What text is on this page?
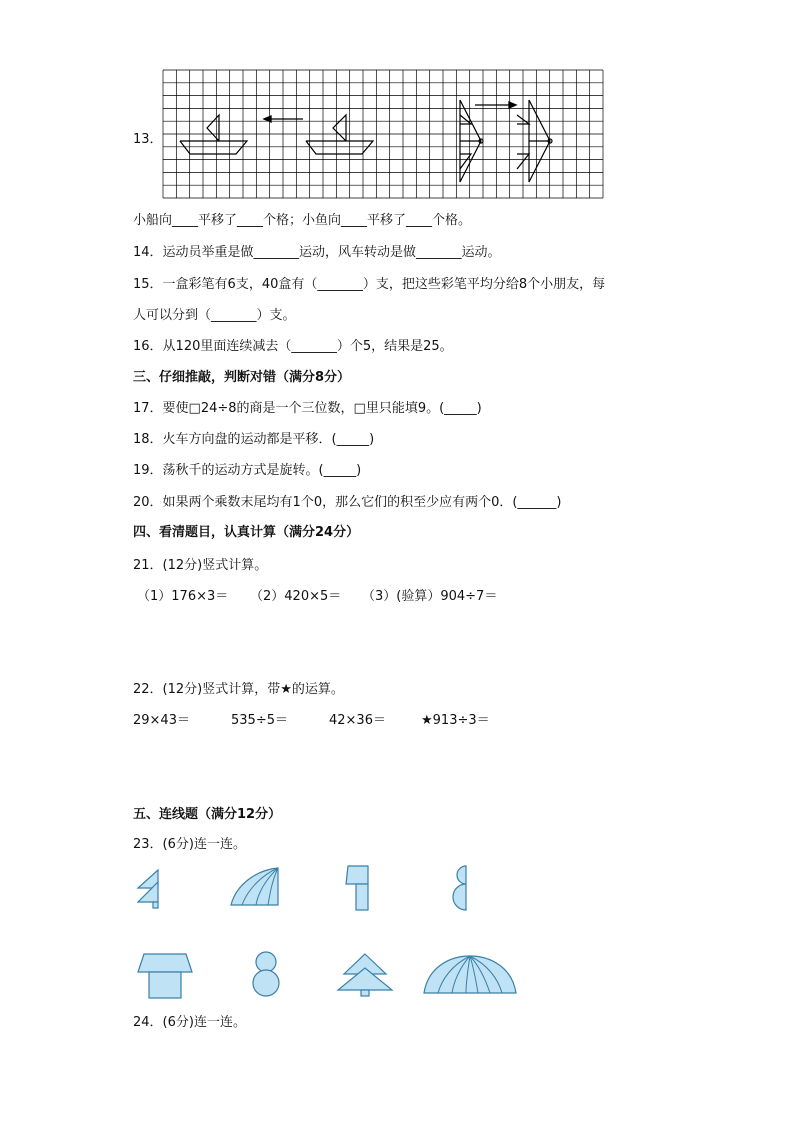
13．
小船向____平移了____个格；小鱼向____平移了____个格。
14．运动员举重是做_______运动，风车转动是做_______运动。
15．一盒彩笔有6支，40盒有（_______）支，把这些彩笔平均分给8个小朋友，每
人可以分到（_______）支。
16．从120里面连续减去（_______）个5，结果是25。
三、仔细推敲，判断对错（满分8分）
17．要使□24÷8的商是一个三位数，□里只能填9。(_____)
18．火车方向盘的运动都是平移．(_____)
19．荡秋千的运动方式是旋转。(_____)
20．如果两个乘数末尾均有1个0，那么它们的积至少应有两个0．(______)
四、看清题目，认真计算（满分24分）
21．(12分)竖式计算。
（1）176×3＝ （2）420×5＝ （3）(验算）904÷7＝
22．(12分)竖式计算，带★的运算。
29×43＝	535÷5＝	42×36＝	★913÷3＝
五、连线题（满分12分）
23．(6分)连一连。
24．(6分)连一连。
